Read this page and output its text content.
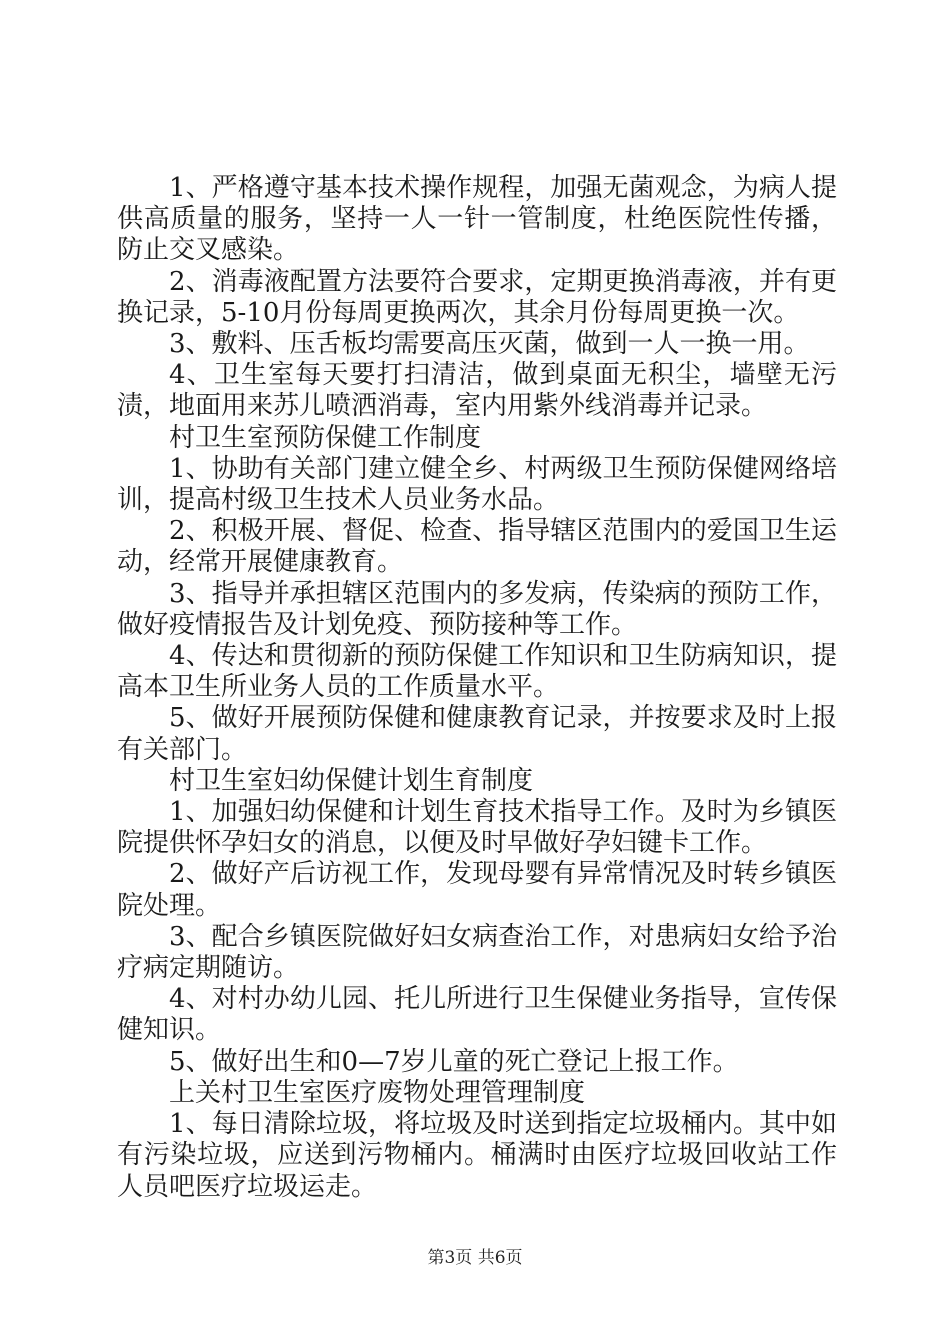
1、严格遵守基本技术操作规程，加强无菌观念，为病人提供高质量的服务，坚持一人一针一管制度，杜绝医院性传播，防止交叉感染。

2、消毒液配置方法要符合要求，定期更换消毒液，并有更换记录，5-10月份每周更换两次，其余月份每周更换一次。

3、敷料、压舌板均需要高压灭菌，做到一人一换一用。

4、卫生室每天要打扫清洁，做到桌面无积尘，墙壁无污渍，地面用来苏儿喷洒消毒，室内用紫外线消毒并记录。

村卫生室预防保健工作制度

1、协助有关部门建立健全乡、村两级卫生预防保健网络培训，提高村级卫生技术人员业务水品。

2、积极开展、督促、检查、指导辖区范围内的爱国卫生运动，经常开展健康教育。

3、指导并承担辖区范围内的多发病，传染病的预防工作，做好疫情报告及计划免疫、预防接种等工作。

4、传达和贯彻新的预防保健工作知识和卫生防病知识，提高本卫生所业务人员的工作质量水平。

5、做好开展预防保健和健康教育记录，并按要求及时上报有关部门。

村卫生室妇幼保健计划生育制度

1、加强妇幼保健和计划生育技术指导工作。及时为乡镇医院提供怀孕妇女的消息，以便及时早做好孕妇键卡工作。

2、做好产后访视工作，发现母婴有异常情况及时转乡镇医院处理。

3、配合乡镇医院做好妇女病查治工作，对患病妇女给予治疗病定期随访。

4、对村办幼儿园、托儿所进行卫生保健业务指导，宣传保健知识。

5、做好出生和0—7岁儿童的死亡登记上报工作。

上关村卫生室医疗废物处理管理制度

1、每日清除垃圾，将垃圾及时送到指定垃圾桶内。其中如有污染垃圾，应送到污物桶内。桶满时由医疗垃圾回收站工作人员吧医疗垃圾运走。

第3页 共6页
